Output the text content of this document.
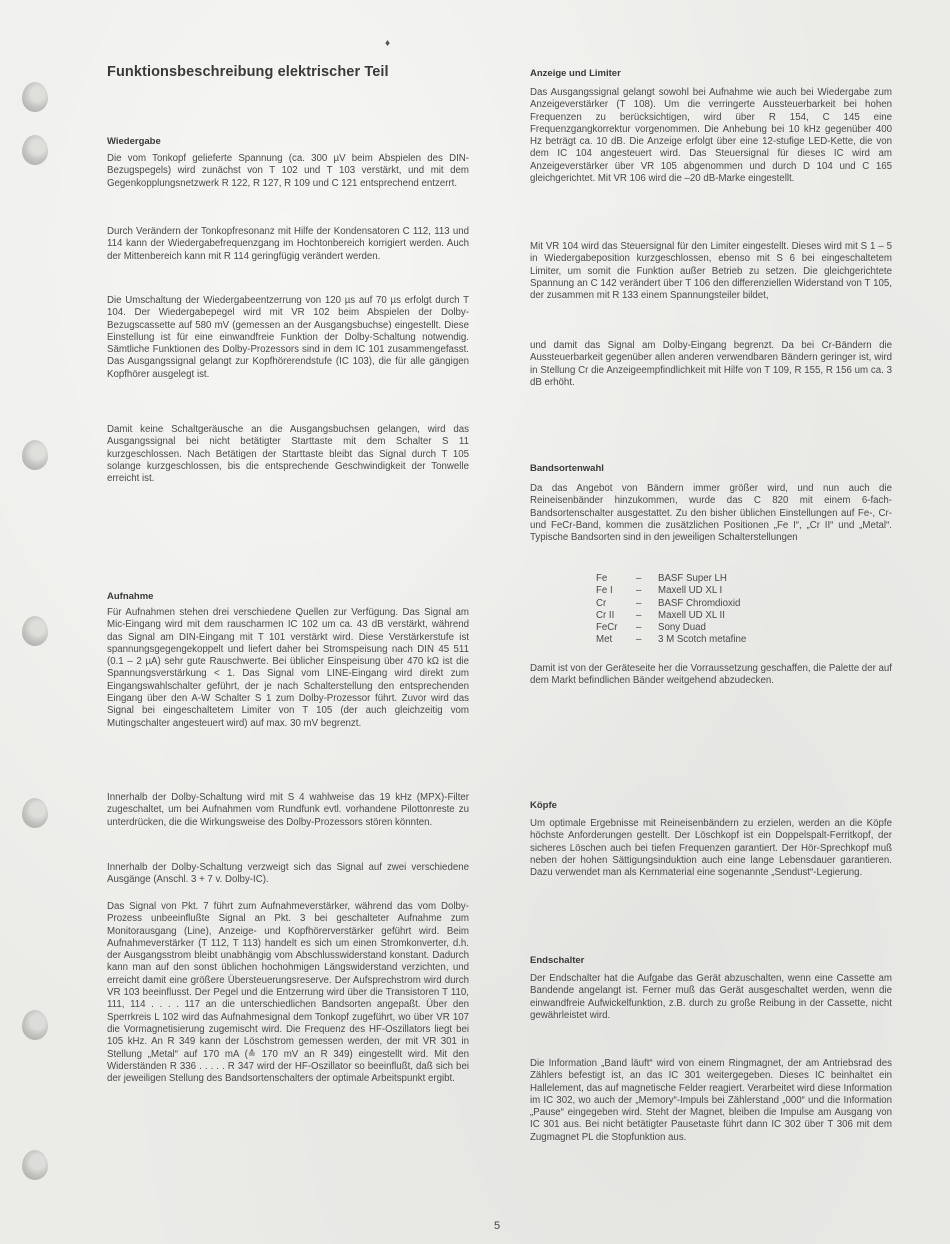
♦
Funktionsbeschreibung elektrischer Teil
Wiedergabe

Die vom Tonkopf gelieferte Spannung (ca. 300 µV beim Abspielen des DIN-Bezugspegels) wird zunächst von T 102 und T 103 verstärkt, und mit dem Gegenkopplungsnetzwerk R 122, R 127, R 109 und C 121 entsprechend entzerrt.

Durch Verändern der Tonkopfresonanz mit Hilfe der Kondensatoren C 112, 113 und 114 kann der Wiedergabefrequenzgang im Hochtonbereich korrigiert werden. Auch der Mittenbereich kann mit R 114 geringfügig verändert werden.

Die Umschaltung der Wiedergabeentzerrung von 120 µs auf 70 µs erfolgt durch T 104. Der Wiedergabepegel wird mit VR 102 beim Abspielen der Dolby-Bezugscassette auf 580 mV (gemessen an der Ausgangsbuchse) eingestellt. Diese Einstellung ist für eine einwandfreie Funktion der Dolby-Schaltung notwendig. Sämtliche Funktionen des Dolby-Prozessors sind in dem IC 101 zusammengefasst. Das Ausgangssignal gelangt zur Kopfhörerendstufe (IC 103), die für alle gängigen Kopfhörer ausgelegt ist.

Damit keine Schaltgeräusche an die Ausgangsbuchsen gelangen, wird das Ausgangssignal bei nicht betätigter Starttaste mit dem Schalter S 11 kurzgeschlossen. Nach Betätigen der Starttaste bleibt das Signal durch T 105 solange kurzgeschlossen, bis die entsprechende Geschwindigkeit der Tonwelle erreicht ist.

Aufnahme

Für Aufnahmen stehen drei verschiedene Quellen zur Verfügung. Das Signal am Mic-Eingang wird mit dem rauscharmen IC 102 um ca. 43 dB verstärkt, während das Signal am DIN-Eingang mit T 101 verstärkt wird. Diese Verstärkerstufe ist spannungsgegengekoppelt und liefert daher bei Stromspeisung nach DIN 45 511 (0.1 – 2 µA) sehr gute Rauschwerte. Bei üblicher Einspeisung über 470 kΩ ist die Spannungsverstärkung < 1. Das Signal vom LINE-Eingang wird direkt zum Eingangswahlschalter geführt, der je nach Schalterstellung den entsprechenden Eingang über den A-W Schalter S 1 zum Dolby-Prozessor führt. Zuvor wird das Signal bei eingeschaltetem Limiter von T 105 (der auch gleichzeitig vom Mutingschalter angesteuert wird) auf max. 30 mV begrenzt.

Innerhalb der Dolby-Schaltung wird mit S 4 wahlweise das 19 kHz (MPX)-Filter zugeschaltet, um bei Aufnahmen vom Rundfunk evtl. vorhandene Pilottonreste zu unterdrücken, die die Wirkungsweise des Dolby-Prozessors stören könnten.

Innerhalb der Dolby-Schaltung verzweigt sich das Signal auf zwei verschiedene Ausgänge (Anschl. 3 + 7 v. Dolby-IC).

Das Signal von Pkt. 7 führt zum Aufnahmeverstärker, während das vom Dolby-Prozess unbeeinflußte Signal an Pkt. 3 bei geschalteter Aufnahme zum Monitorausgang (Line), Anzeige- und Kopfhörerverstärker geführt wird. Beim Aufnahmeverstärker (T 112, T 113) handelt es sich um einen Stromkonverter, d.h. der Ausgangsstrom bleibt unabhängig vom Abschlusswiderstand konstant. Dadurch kann man auf den sonst üblichen hochohmigen Längswiderstand verzichten, und erreicht damit eine größere Übersteuerungsreserve. Der Aufsprechstrom wird durch VR 103 beeinflusst. Der Pegel und die Entzerrung wird über die Transistoren T 110, 111, 114 . . . . 117 an die unterschiedlichen Bandsorten angepaßt. Über den Sperrkreis L 102 wird das Aufnahmesignal dem Tonkopf zugeführt, wo über VR 107 die Vormagnetisierung zugemischt wird. Die Frequenz des HF-Oszillators liegt bei 105 kHz. An R 349 kann der Löschstrom gemessen werden, der mit VR 301 in Stellung „Metal“ auf 170 mA (≙ 170 mV an R 349) eingestellt wird. Mit den Widerständen R 336 . . . . . R 347 wird der HF-Oszillator so beeinflußt, daß sich bei der jeweiligen Stellung des Bandsortenschalters der optimale Arbeitspunkt ergibt.

Anzeige und Limiter

Das Ausgangssignal gelangt sowohl bei Aufnahme wie auch bei Wiedergabe zum Anzeigeverstärker (T 108). Um die verringerte Aussteuerbarkeit bei hohen Frequenzen zu berücksichtigen, wird über R 154, C 145 eine Frequenzgangkorrektur vorgenommen. Die Anhebung bei 10 kHz gegenüber 400 Hz beträgt ca. 10 dB. Die Anzeige erfolgt über eine 12-stufige LED-Kette, die von dem IC 104 angesteuert wird. Das Steuersignal für dieses IC wird am Anzeigeverstärker über VR 105 abgenommen und durch D 104 und C 165 gleichgerichtet. Mit VR 106 wird die –20 dB-Marke eingestellt.

Mit VR 104 wird das Steuersignal für den Limiter eingestellt. Dieses wird mit S 1 – 5 in Wiedergabeposition kurzgeschlossen, ebenso mit S 6 bei eingeschaltetem Limiter, um somit die Funktion außer Betrieb zu setzen. Die gleichgerichtete Spannung an C 142 verändert über T 106 den differenziellen Widerstand von T 105, der zusammen mit R 133 einem Spannungsteiler bildet,

und damit das Signal am Dolby-Eingang begrenzt. Da bei Cr-Bändern die Aussteuerbarkeit gegenüber allen anderen verwendbaren Bändern geringer ist, wird in Stellung Cr die Anzeigeempfindlichkeit mit Hilfe von T 109, R 155, R 156 um ca. 3 dB erhöht.

Bandsortenwahl

Da das Angebot von Bändern immer größer wird, und nun auch die Reineisenbänder hinzukommen, wurde das C 820 mit einem 6-fach-Bandsortenschalter ausgestattet. Zu den bisher üblichen Einstellungen auf Fe-, Cr- und FeCr-Band, kommen die zusätzlichen Positionen „Fe I“, „Cr II“ und „Metal“. Typische Bandsorten sind in den jeweiligen Schalterstellungen

Fe	–	BASF Super LH
Fe I	–	Maxell UD XL I
Cr	–	BASF Chromdioxid
Cr II	–	Maxell UD XL II
FeCr	–	Sony Duad
Met	–	3 M Scotch metafine

Damit ist von der Geräteseite her die Vorraussetzung geschaffen, die Palette der auf dem Markt befindlichen Bänder weitgehend abzudecken.

Köpfe

Um optimale Ergebnisse mit Reineisenbändern zu erzielen, werden an die Köpfe höchste Anforderungen gestellt. Der Löschkopf ist ein Doppelspalt-Ferritkopf, der sicheres Löschen auch bei tiefen Frequenzen garantiert. Der Hör-Sprechkopf muß neben der hohen Sättigungsinduktion auch eine lange Lebensdauer garantieren. Dazu verwendet man als Kernmaterial eine sogenannte „Sendust“-Legierung.

Endschalter

Der Endschalter hat die Aufgabe das Gerät abzuschalten, wenn eine Cassette am Bandende angelangt ist. Ferner muß das Gerät ausgeschaltet werden, wenn die einwandfreie Aufwickelfunktion, z.B. durch zu große Reibung in der Cassette, nicht gewährleistet wird.

Die Information „Band läuft“ wird von einem Ringmagnet, der am Antriebsrad des Zählers befestigt ist, an das IC 301 weitergegeben. Dieses IC beinhaltet ein Hallelement, das auf magnetische Felder reagiert. Verarbeitet wird diese Information im IC 302, wo auch der „Memory“-Impuls bei Zählerstand „000“ und die Information „Pause“ eingegeben wird. Steht der Magnet, bleiben die Impulse am Ausgang von IC 301 aus. Bei nicht betätigter Pausetaste führt dann IC 302 über T 306 mit dem Zugmagnet PL die Stopfunktion aus.

5
